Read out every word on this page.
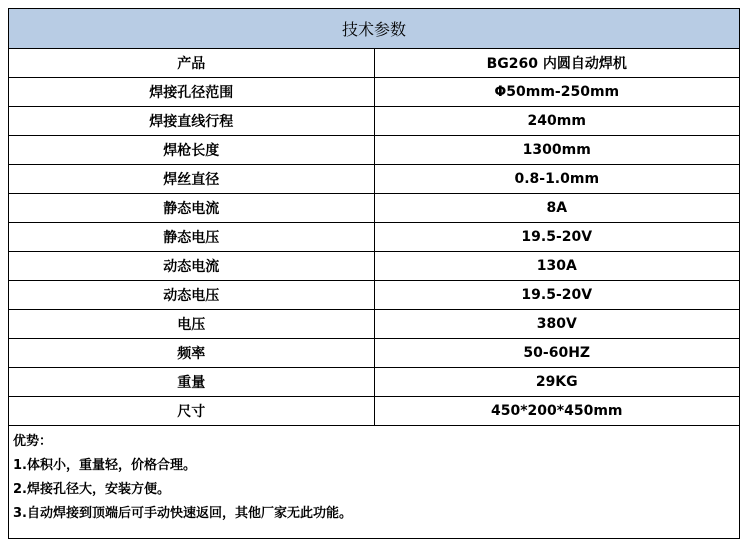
技术参数	
产品	BG260 内圆自动焊机
焊接孔径范围	Φ50mm-250mm
焊接直线行程	240mm
焊枪长度	1300mm
焊丝直径	0.8-1.0mm
静态电流	8A
静态电压	19.5-20V
动态电流	130A
动态电压	19.5-20V
电压	380V
频率	50-60HZ
重量	29KG
尺寸	450*200*450mm

优势：
1.体积小，重量轻，价格合理。
2.焊接孔径大，安装方便。
3.自动焊接到顶端后可手动快速返回，其他厂家无此功能。	
